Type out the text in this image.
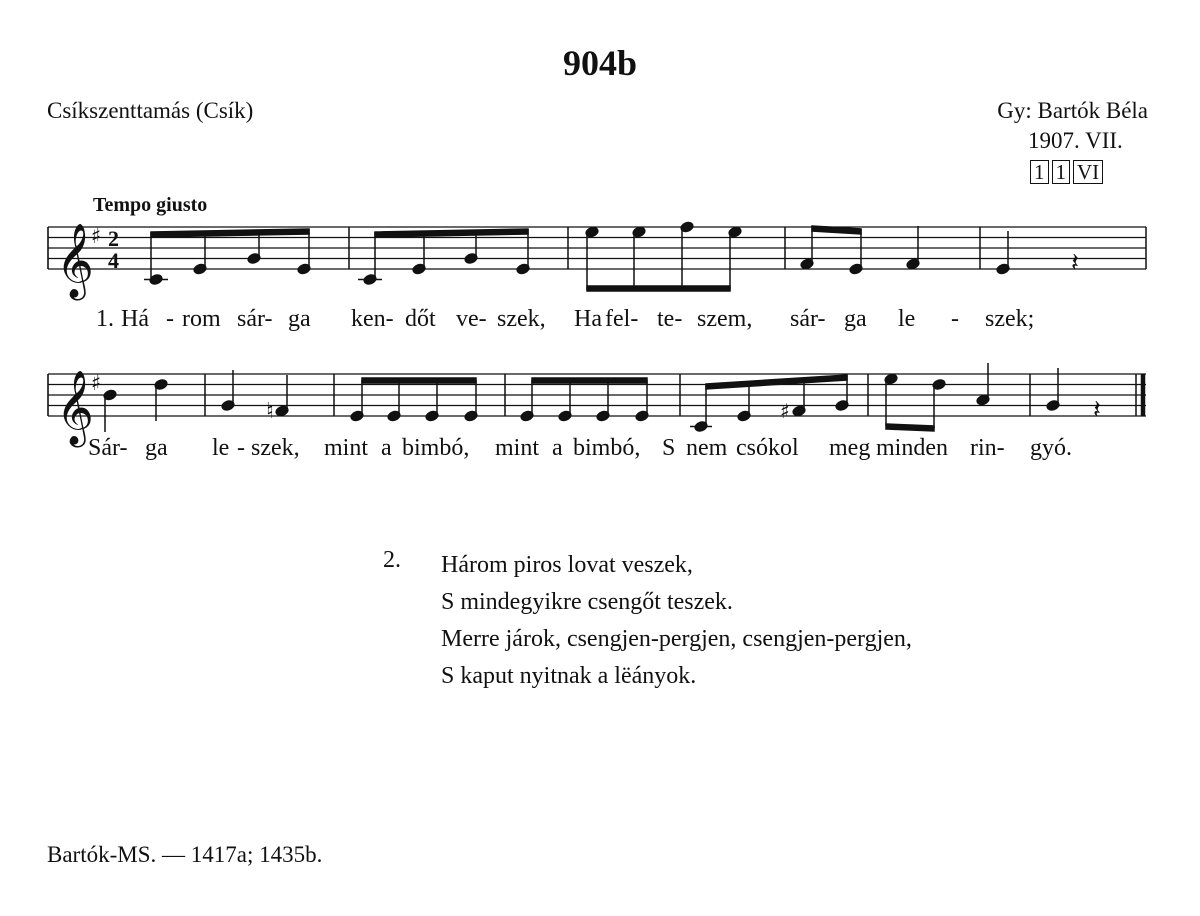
904b
Csíkszenttamás (Csík)	Gy: Bartók Béla
1907. VII.
1 1 VI
Tempo giusto
𝄞
♯ 2
4	𝄽
1. Há - rom sár- ga ken- dőt ve- szek, Ha fel- te- szem, sár- ga le - szek;
𝄞
♯
♮	♯	𝄽
Sár- ga le - szek, mint a bimbó, mint a bimbó, S nem csókol meg minden rin- gyó.
2. Három piros lovat veszek,
S mindegyikre csengőt teszek.
Merre járok, csengjen-pergjen, csengjen-pergjen,
S kaput nyitnak a lëányok.
Bartók-MS. — 1417a; 1435b.
